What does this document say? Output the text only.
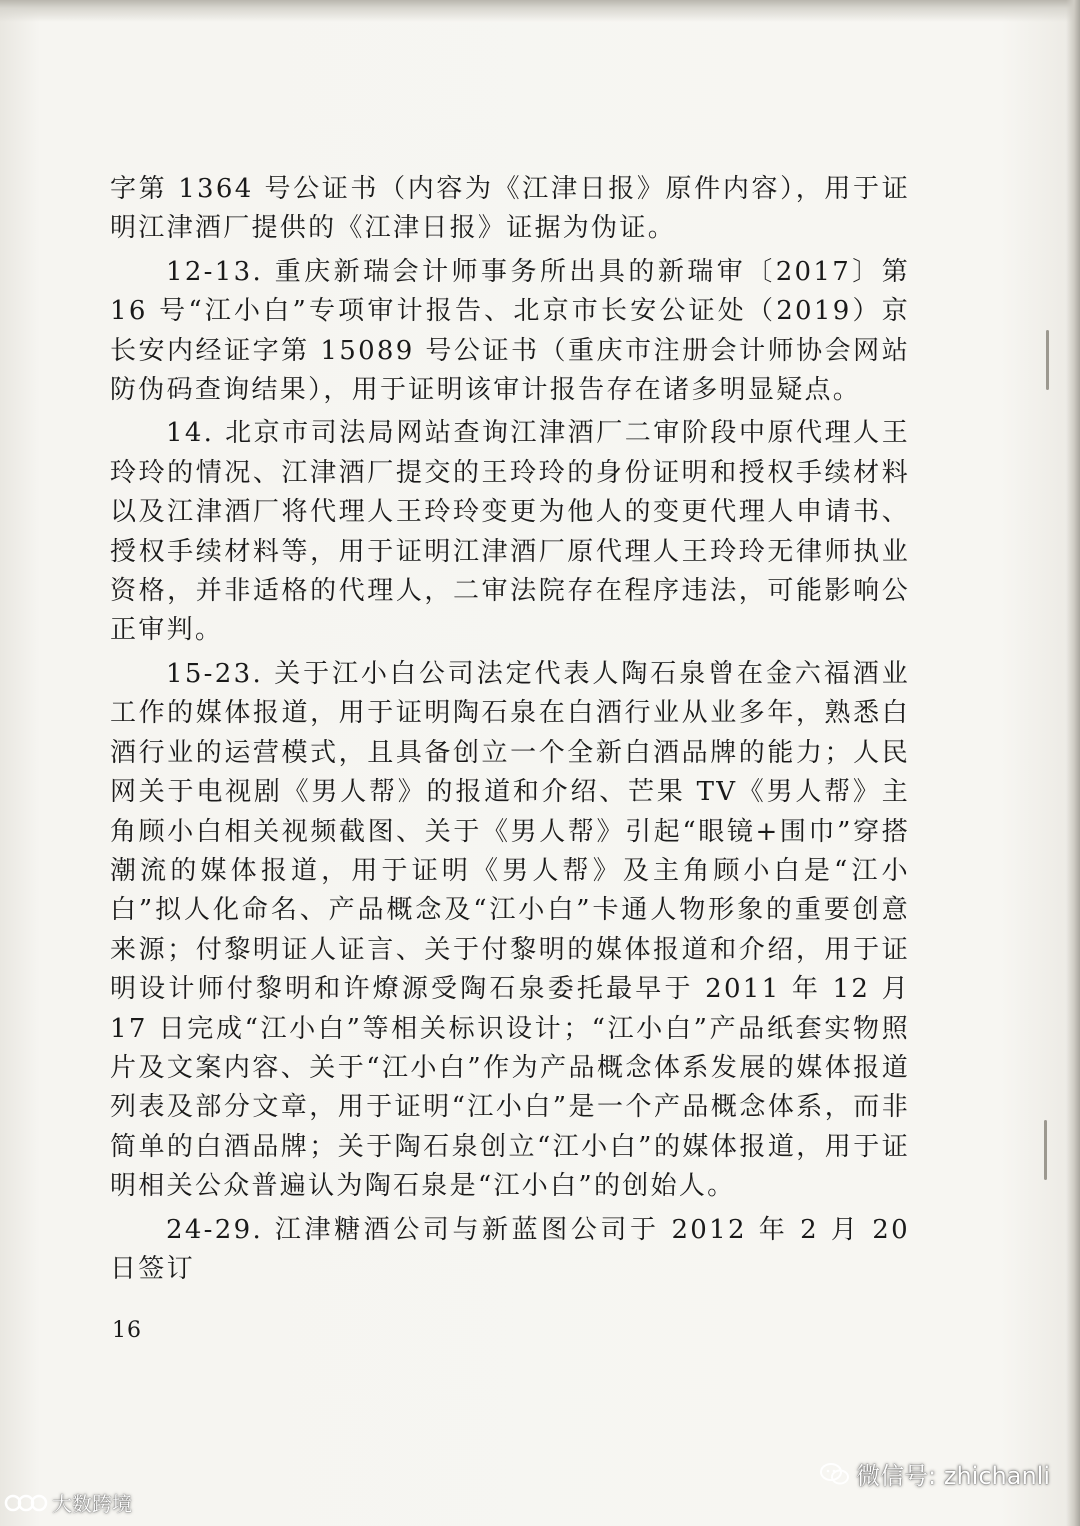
字第 1364 号公证书（内容为《江津日报》原件内容），用于证明江津酒厂提供的《江津日报》证据为伪证。

12-13. 重庆新瑞会计师事务所出具的新瑞审〔2017〕第 16 号“江小白”专项审计报告、北京市长安公证处（2019）京长安内经证字第 15089 号公证书（重庆市注册会计师协会网站防伪码查询结果），用于证明该审计报告存在诸多明显疑点。

14. 北京市司法局网站查询江津酒厂二审阶段中原代理人王玲玲的情况、江津酒厂提交的王玲玲的身份证明和授权手续材料以及江津酒厂将代理人王玲玲变更为他人的变更代理人申请书、授权手续材料等，用于证明江津酒厂原代理人王玲玲无律师执业资格，并非适格的代理人，二审法院存在程序违法，可能影响公正审判。

15-23. 关于江小白公司法定代表人陶石泉曾在金六福酒业工作的媒体报道，用于证明陶石泉在白酒行业从业多年，熟悉白酒行业的运营模式，且具备创立一个全新白酒品牌的能力；人民网关于电视剧《男人帮》的报道和介绍、芒果 TV《男人帮》主角顾小白相关视频截图、关于《男人帮》引起“眼镜+围巾”穿搭潮流的媒体报道，用于证明《男人帮》及主角顾小白是“江小白”拟人化命名、产品概念及“江小白”卡通人物形象的重要创意来源；付黎明证人证言、关于付黎明的媒体报道和介绍，用于证明设计师付黎明和许燎源受陶石泉委托最早于 2011 年 12 月 17 日完成“江小白”等相关标识设计；“江小白”产品纸套实物照片及文案内容、关于“江小白”作为产品概念体系发展的媒体报道列表及部分文章，用于证明“江小白”是一个产品概念体系，而非简单的白酒品牌；关于陶石泉创立“江小白”的媒体报道，用于证明相关公众普遍认为陶石泉是“江小白”的创始人。

24-29. 江津糖酒公司与新蓝图公司于 2012 年 2 月 20 日签订

16
大数跨境
微信号: zhichanli
